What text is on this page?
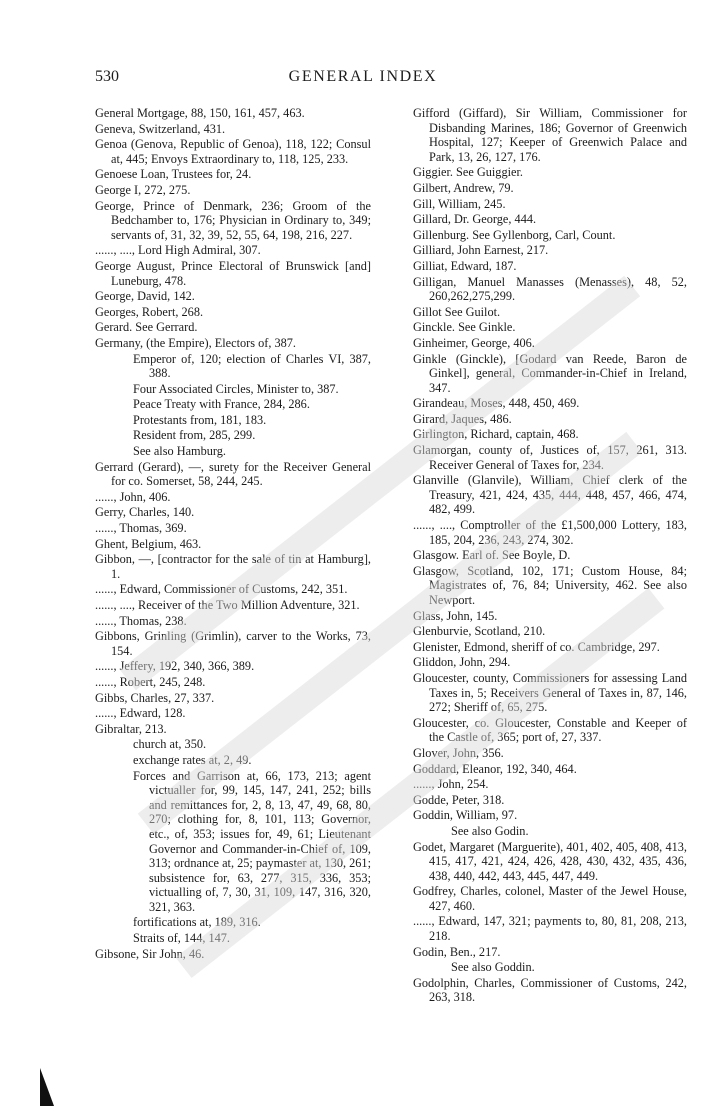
530	GENERAL INDEX

General Mortgage, 88, 150, 161, 457, 463.

Geneva, Switzerland, 431.

Genoa (Genova, Republic of Genoa), 118, 122; Consul at, 445; Envoys Extraordinary to, 118, 125, 233.

Genoese Loan, Trustees for, 24.

George I, 272, 275.

George, Prince of Denmark, 236; Groom of the Bedchamber to, 176; Physician in Ordinary to, 349; servants of, 31, 32, 39, 52, 55, 64, 198, 216, 227.

......, ...., Lord High Admiral, 307.

George August, Prince Electoral of Brunswick [and] Luneburg, 478.

George, David, 142.

Georges, Robert, 268.

Gerard. See Gerrard.

Germany, (the Empire), Electors of, 387.

Emperor of, 120; election of Charles VI, 387, 388.

Four Associated Circles, Minister to, 387.

Peace Treaty with France, 284, 286.

Protestants from, 181, 183.

Resident from, 285, 299.

See also Hamburg.

Gerrard (Gerard), —, surety for the Receiver General for co. Somerset, 58, 244, 245.

......, John, 406.

Gerry, Charles, 140.

......, Thomas, 369.

Ghent, Belgium, 463.

Gibbon, —, [contractor for the sale of tin at Hamburg], 1.

......, Edward, Commissioner of Customs, 242, 351.

......, ...., Receiver of the Two Million Adventure, 321.

......, Thomas, 238.

Gibbons, Grinling (Grimlin), carver to the Works, 73, 154.

......, Jeffery, 192, 340, 366, 389.

......, Robert, 245, 248.

Gibbs, Charles, 27, 337.

......, Edward, 128.

Gibraltar, 213.

church at, 350.

exchange rates at, 2, 49.

Forces and Garrison at, 66, 173, 213; agent victualler for, 99, 145, 147, 241, 252; bills and remittances for, 2, 8, 13, 47, 49, 68, 80, 270; clothing for, 8, 101, 113; Governor, etc., of, 353; issues for, 49, 61; Lieutenant Governor and Commander-in-Chief of, 109, 313; ordnance at, 25; paymaster at, 130, 261; subsistence for, 63, 277, 315, 336, 353; victualling of, 7, 30, 31, 109, 147, 316, 320, 321, 363.

fortifications at, 189, 316.

Straits of, 144, 147.

Gibsone, Sir John, 46.

Gifford (Giffard), Sir William, Commissioner for Disbanding Marines, 186; Governor of Greenwich Hospital, 127; Keeper of Greenwich Palace and Park, 13, 26, 127, 176.

Giggier. See Guiggier.

Gilbert, Andrew, 79.

Gill, William, 245.

Gillard, Dr. George, 444.

Gillenburg. See Gyllenborg, Carl, Count.

Gilliard, John Earnest, 217.

Gilliat, Edward, 187.

Gilligan, Manuel Manasses (Menasses), 48, 52, 260,262,275,299.

Gillot See Guilot.

Ginckle. See Ginkle.

Ginheimer, George, 406.

Ginkle (Ginckle), [Godard van Reede, Baron de Ginkel], general, Commander-in-Chief in Ireland, 347.

Girandeau, Moses, 448, 450, 469.

Girard, Jaques, 486.

Girlington, Richard, captain, 468.

Glamorgan, county of, Justices of, 157, 261, 313. Receiver General of Taxes for, 234.

Glanville (Glanvile), William, Chief clerk of the Treasury, 421, 424, 435, 444, 448, 457, 466, 474, 482, 499.

......, ...., Comptroller of the £1,500,000 Lottery, 183, 185, 204, 236, 243, 274, 302.

Glasgow. Earl of. See Boyle, D.

Glasgow, Scotland, 102, 171; Custom House, 84; Magistrates of, 76, 84; University, 462. See also Newport.

Glass, John, 145.

Glenburvie, Scotland, 210.

Glenister, Edmond, sheriff of co. Cambridge, 297.

Gliddon, John, 294.

Gloucester, county, Commissioners for assessing Land Taxes in, 5; Receivers General of Taxes in, 87, 146, 272; Sheriff of, 65, 275.

Gloucester, co. Gloucester, Constable and Keeper of the Castle of, 365; port of, 27, 337.

Glover, John, 356.

Goddard, Eleanor, 192, 340, 464.

......, John, 254.

Godde, Peter, 318.

Goddin, William, 97.

See also Godin.

Godet, Margaret (Marguerite), 401, 402, 405, 408, 413, 415, 417, 421, 424, 426, 428, 430, 432, 435, 436, 438, 440, 442, 443, 445, 447, 449.

Godfrey, Charles, colonel, Master of the Jewel House, 427, 460.

......, Edward, 147, 321; payments to, 80, 81, 208, 213, 218.

Godin, Ben., 217.

See also Goddin.

Godolphin, Charles, Commissioner of Customs, 242, 263, 318.
